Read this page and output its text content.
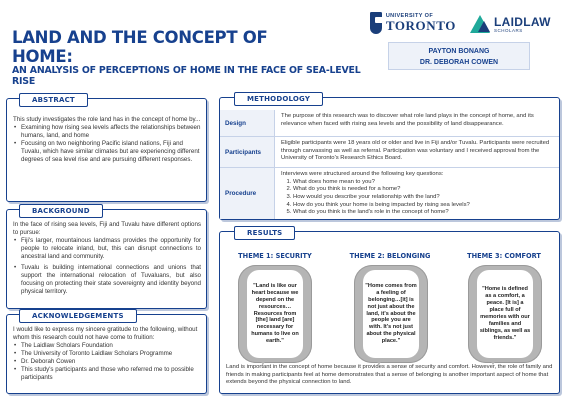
LAND AND THE CONCEPT OF HOME:
AN ANALYSIS OF PERCEPTIONS OF HOME IN THE FACE OF SEA-LEVEL RISE
UNIVERSITY OF
TORONTO	LAIDLAW
SCHOLARS
PAYTON BONANG
DR. DEBORAH COWEN
ABSTRACT

This study investigates the role land has in the concept of home by...

• Examining how rising sea levels affects the relationships between humans, land, and home
• Focusing on two neighboring Pacific island nations, Fiji and Tuvalu, which have similar climates but are experiencing different degrees of sea level rise and are pursuing different responses.
BACKGROUND

In the face of rising sea levels, Fiji and Tuvalu have different options to pursue:

• Fiji's larger, mountainous landmass provides the opportunity for people to relocate inland, but, this can disrupt connections to ancestral land and community.
• Tuvalu is building international connections and unions that support the international relocation of Tuvaluans, but also focusing on protecting their state sovereignty and identity beyond physical territory.
ACKNOWLEDGEMENTS

I would like to express my sincere gratitude to the following, without whom this research could not have come to fruition:

• The Laidlaw Scholars Foundation
• The University of Toronto Laidlaw Scholars Programme
• Dr. Deborah Cowen
• This study's participants and those who referred me to possible participants
METHODOLOGY
Design
The purpose of this research was to discover what role land plays in the concept of home, and its relevance when faced with rising sea levels and the possibility of land disappearance.
Participants
Eligible participants were 18 years old or older and live in Fiji and/or Tuvalu. Participants were recruited through canvassing as well as referral. Participation was voluntary and I received approval from the University of Toronto's Research Ethics Board.
Procedure
Interviews were structured around the following key questions:
1. What does home mean to you?
2. What do you think is needed for a home?
3. How would you describe your relationship with the land?
4. How do you think your home is being impacted by rising sea levels?
5. What do you think is the land's role in the concept of home?
RESULTS
THEME 1: SECURITY	THEME 2: BELONGING	THEME 3: COMFORT
"Land is like our heart because we depend on the resources… Resources from [the] land [are] necessary for humans to live on earth."
"Home comes from a feeling of belonging…[it] is not just about the land, it's about the people you are with. It's not just about the physical place."
"Home is defined as a comfort, a peace. [It is] a place full of memories with our families and siblings, as well as friends."
Land is important in the concept of home because it provides a sense of security and comfort. However, the role of family and friends in making participants feel at home demonstrates that a sense of belonging is another important aspect of home that extends beyond the physical connection to land.
